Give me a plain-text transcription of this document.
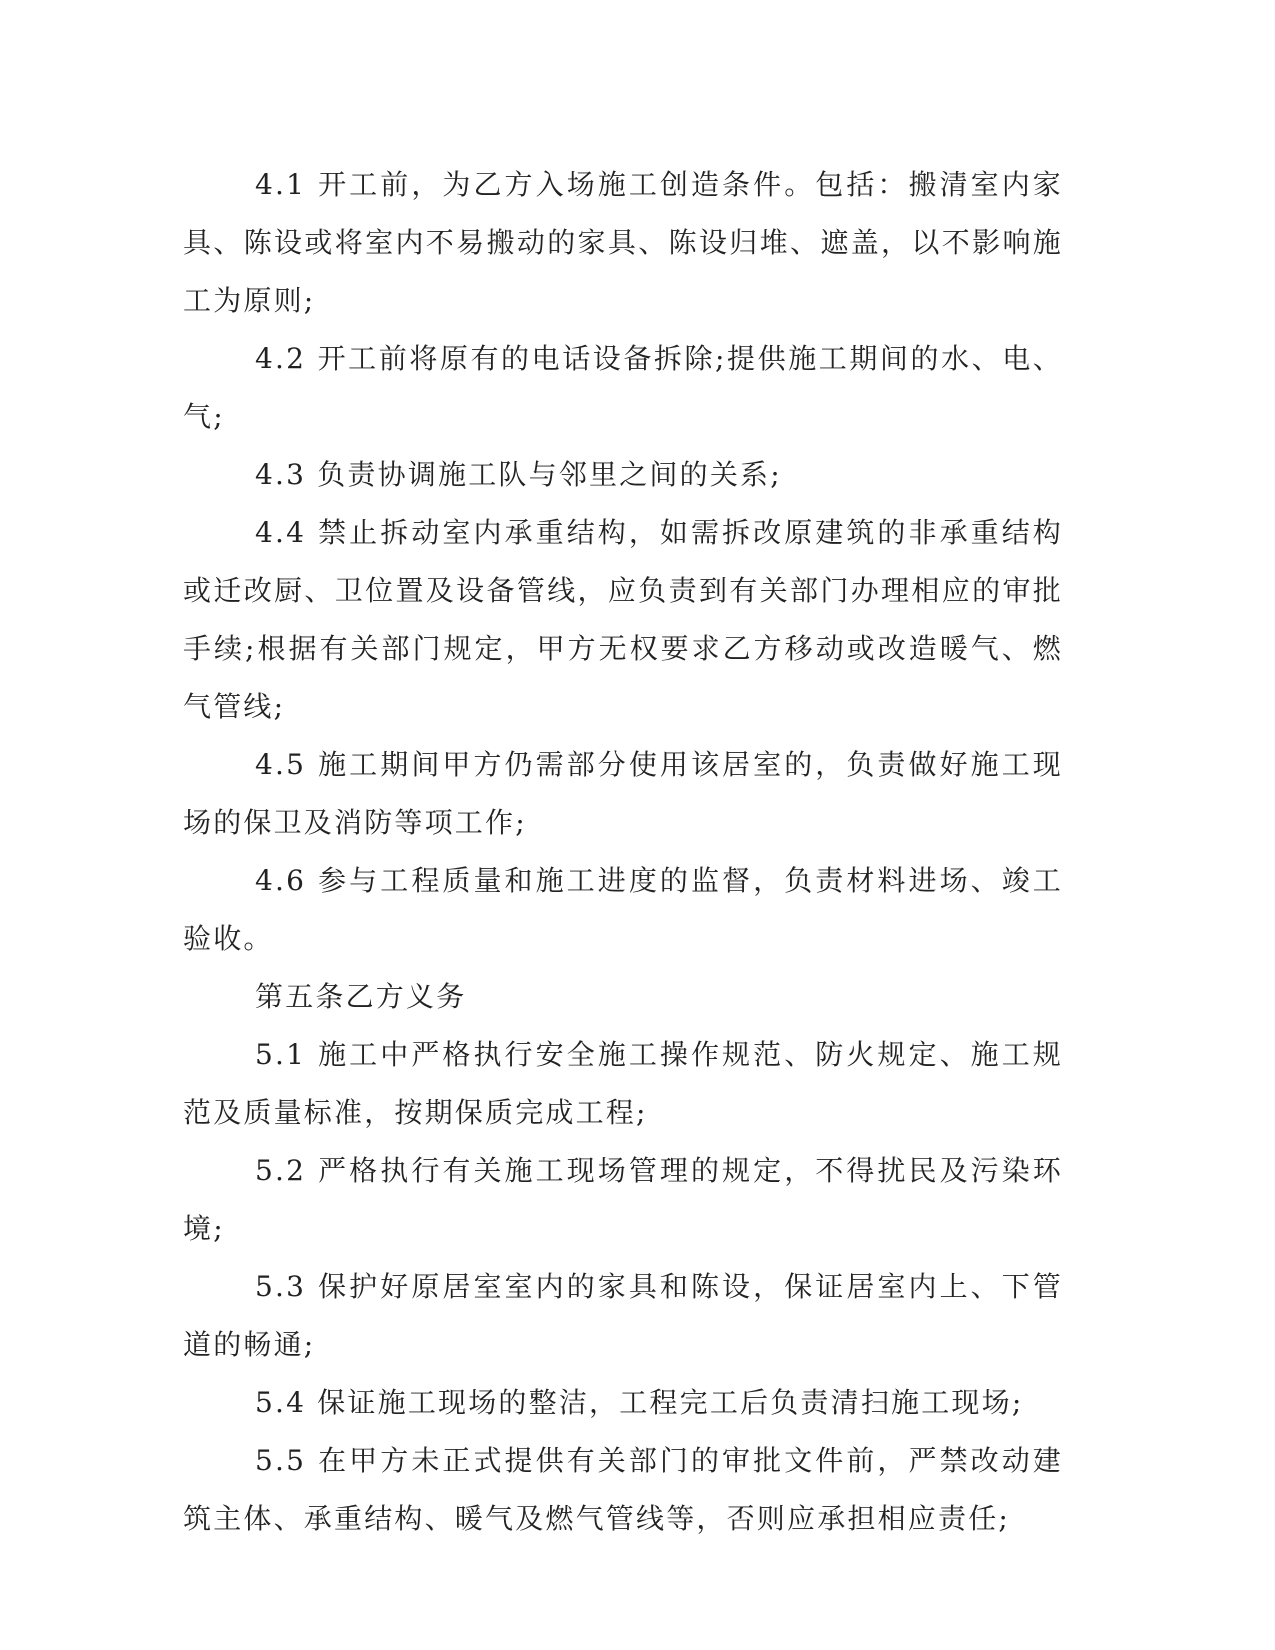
4.1 开工前，为乙方入场施工创造条件。包括：搬清室内家具、陈设或将室内不易搬动的家具、陈设归堆、遮盖，以不影响施工为原则;

4.2 开工前将原有的电话设备拆除;提供施工期间的水、电、气;

4.3 负责协调施工队与邻里之间的关系;

4.4 禁止拆动室内承重结构，如需拆改原建筑的非承重结构或迁改厨、卫位置及设备管线，应负责到有关部门办理相应的审批手续;根据有关部门规定，甲方无权要求乙方移动或改造暖气、燃气管线;

4.5 施工期间甲方仍需部分使用该居室的，负责做好施工现场的保卫及消防等项工作;

4.6 参与工程质量和施工进度的监督，负责材料进场、竣工验收。

第五条乙方义务

5.1 施工中严格执行安全施工操作规范、防火规定、施工规范及质量标准，按期保质完成工程;

5.2 严格执行有关施工现场管理的规定，不得扰民及污染环境;

5.3 保护好原居室室内的家具和陈设，保证居室内上、下管道的畅通;

5.4 保证施工现场的整洁，工程完工后负责清扫施工现场;

5.5 在甲方未正式提供有关部门的审批文件前，严禁改动建筑主体、承重结构、暖气及燃气管线等，否则应承担相应责任;
